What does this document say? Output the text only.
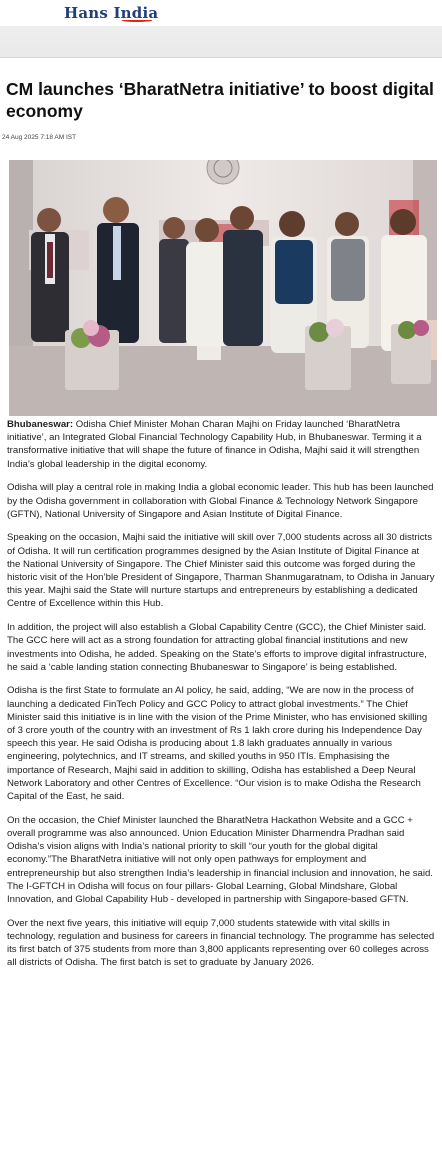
Hans India
CM launches ‘BharatNetra initiative’ to boost digital economy
24 Aug 2025 7:18 AM IST

Bhubaneswar: Odisha Chief Minister Mohan Charan Majhi on Friday launched ‘BharatNetra initiative’, an Integrated Global Financial Technology Capability Hub, in Bhubaneswar. Terming it a transformative initiative that will shape the future of finance in Odisha, Majhi said it will strengthen India’s global leadership in the digital economy.

Odisha will play a central role in making India a global economic leader. This hub has been launched by the Odisha government in collaboration with Global Finance & Technology Network Singapore (GFTN), National University of Singapore and Asian Institute of Digital Finance.

Speaking on the occasion, Majhi said the initiative will skill over 7,000 students across all 30 districts of Odisha. It will run certification programmes designed by the Asian Institute of Digital Finance at the National University of Singapore. The Chief Minister said this outcome was forged during the historic visit of the Hon’ble President of Singapore, Tharman Shanmugaratnam, to Odisha in January this year. Majhi said the State will nurture startups and entrepreneurs by establishing a dedicated Centre of Excellence within this Hub.

In addition, the project will also establish a Global Capability Centre (GCC), the Chief Minister said. The GCC here will act as a strong foundation for attracting global financial institutions and new investments into Odisha, he added. Speaking on the State’s efforts to improve digital infrastructure, he said a ‘cable landing station connecting Bhubaneswar to Singapore’ is being established.

Odisha is the first State to formulate an AI policy, he said, adding, “We are now in the process of launching a dedicated FinTech Policy and GCC Policy to attract global investments.” The Chief Minister said this initiative is in line with the vision of the Prime Minister, who has envisioned skilling of 3 crore youth of the country with an investment of Rs 1 lakh crore during his Independence Day speech this year. He said Odisha is producing about 1.8 lakh graduates annually in various engineering, polytechnics, and IT streams, and skilled youths in 950 ITIs. Emphasising the importance of Research, Majhi said in addition to skilling, Odisha has established a Deep Neural Network Laboratory and other Centres of Excellence. “Our vision is to make Odisha the Research Capital of the East, he said.

On the occasion, the Chief Minister launched the BharatNetra Hackathon Website and a GCC + overall programme was also announced. Union Education Minister Dharmendra Pradhan said Odisha’s vision aligns with India’s national priority to skill “our youth for the global digital economy.”The BharatNetra initiative will not only open pathways for employment and entrepreneurship but also strengthen India’s leadership in financial inclusion and innovation, he said. The I-GFTCH in Odisha will focus on four pillars- Global Learning, Global Mindshare, Global Innovation, and Global Capability Hub - developed in partnership with Singapore-based GFTN.

Over the next five years, this initiative will equip 7,000 students statewide with vital skills in technology, regulation and business for careers in financial technology. The programme has selected its first batch of 375 students from more than 3,800 applicants representing over 60 colleges across all districts of Odisha. The first batch is set to graduate by January 2026.
